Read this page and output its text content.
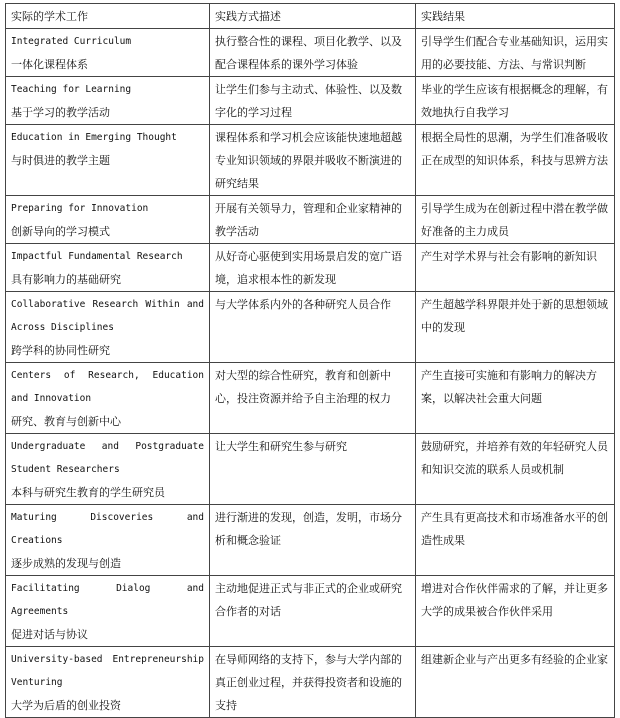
实际的学术工作	实践方式描述	实践结果

Integrated Curriculum
一体化课程体系	执行整合性的课程、项目化教学、以及配合课程体系的课外学习体验	引导学生们配合专业基础知识，运用实用的必要技能、方法、与常识判断

Teaching for Learning
基于学习的教学活动	让学生们参与主动式、体验性、以及数字化的学习过程	毕业的学生应该有根据概念的理解，有效地执行自我学习

Education in Emerging Thought
与时俱进的教学主题	课程体系和学习机会应该能快速地超越专业知识领域的界限并吸收不断演进的研究结果	根据全局性的思潮，为学生们准备吸收正在成型的知识体系，科技与思辨方法

Preparing for Innovation
创新导向的学习模式	开展有关领导力，管理和企业家精神的教学活动	引导学生成为在创新过程中潜在教学做好准备的主力成员

Impactful Fundamental Research
具有影响力的基础研究	从好奇心驱使到实用场景启发的宽广语境，追求根本性的新发现	产生对学术界与社会有影响的新知识

Collaborative Research Within and Across Disciplines
跨学科的协同性研究	与大学体系内外的各种研究人员合作	产生超越学科界限并处于新的思想领域中的发现

Centers of Research, Education and Innovation
研究、教育与创新中心	对大型的综合性研究，教育和创新中心，投注资源并给予自主治理的权力	产生直接可实施和有影响力的解决方案，以解决社会重大问题

Undergraduate and Postgraduate Student Researchers
本科与研究生教育的学生研究员	让大学生和研究生参与研究	鼓励研究，并培养有效的年轻研究人员和知识交流的联系人员或机制

Maturing Discoveries and Creations
逐步成熟的发现与创造	进行渐进的发现，创造，发明，市场分析和概念验证	产生具有更高技术和市场准备水平的创造性成果

Facilitating Dialog and Agreements
促进对话与协议	主动地促进正式与非正式的企业或研究合作者的对话	增进对合作伙伴需求的了解，并让更多大学的成果被合作伙伴采用

University-based Entrepreneurship Venturing
大学为后盾的创业投资	在导师网络的支持下，参与大学内部的真正创业过程，并获得投资者和设施的支持	组建新企业与产出更多有经验的企业家
